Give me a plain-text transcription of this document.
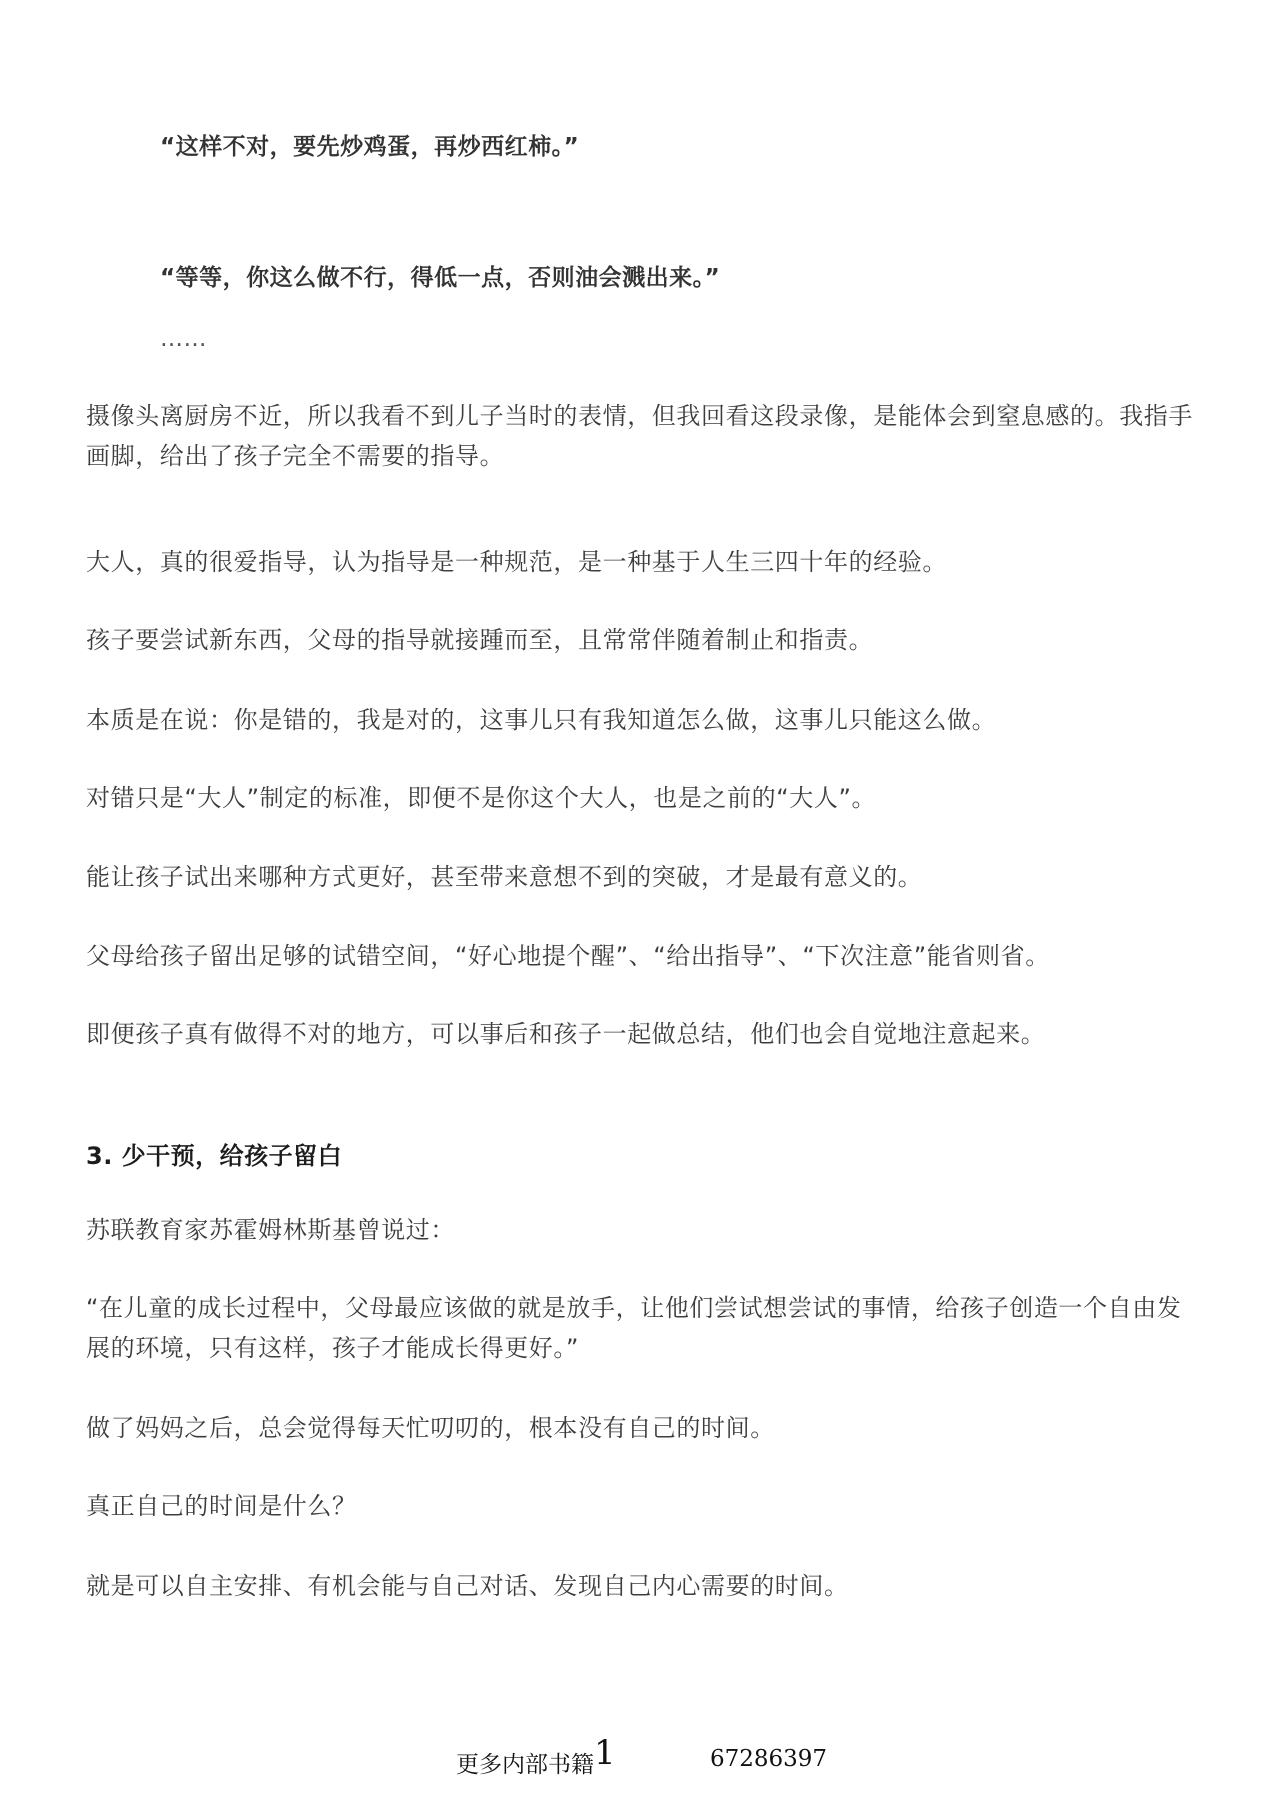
“这样不对，要先炒鸡蛋，再炒西红柿。”
“等等，你这么做不行，得低一点，否则油会溅出来。”
……
摄像头离厨房不近，所以我看不到儿子当时的表情，但我回看这段录像，是能体会到窒息感的。我指手画脚，给出了孩子完全不需要的指导。
大人，真的很爱指导，认为指导是一种规范，是一种基于人生三四十年的经验。
孩子要尝试新东西，父母的指导就接踵而至，且常常伴随着制止和指责。
本质是在说：你是错的，我是对的，这事儿只有我知道怎么做，这事儿只能这么做。
对错只是“大人”制定的标准，即便不是你这个大人，也是之前的“大人”。
能让孩子试出来哪种方式更好，甚至带来意想不到的突破，才是最有意义的。
父母给孩子留出足够的试错空间，“好心地提个醒”、“给出指导”、“下次注意”能省则省。
即便孩子真有做得不对的地方，可以事后和孩子一起做总结，他们也会自觉地注意起来。
3. 少干预，给孩子留白
苏联教育家苏霍姆林斯基曾说过：
“在儿童的成长过程中，父母最应该做的就是放手，让他们尝试想尝试的事情，给孩子创造一个自由发展的环境，只有这样，孩子才能成长得更好。”
做了妈妈之后，总会觉得每天忙叨叨的，根本没有自己的时间。
真正自己的时间是什么？
就是可以自主安排、有机会能与自己对话、发现自己内心需要的时间。
更多内部书籍 1	67286397
